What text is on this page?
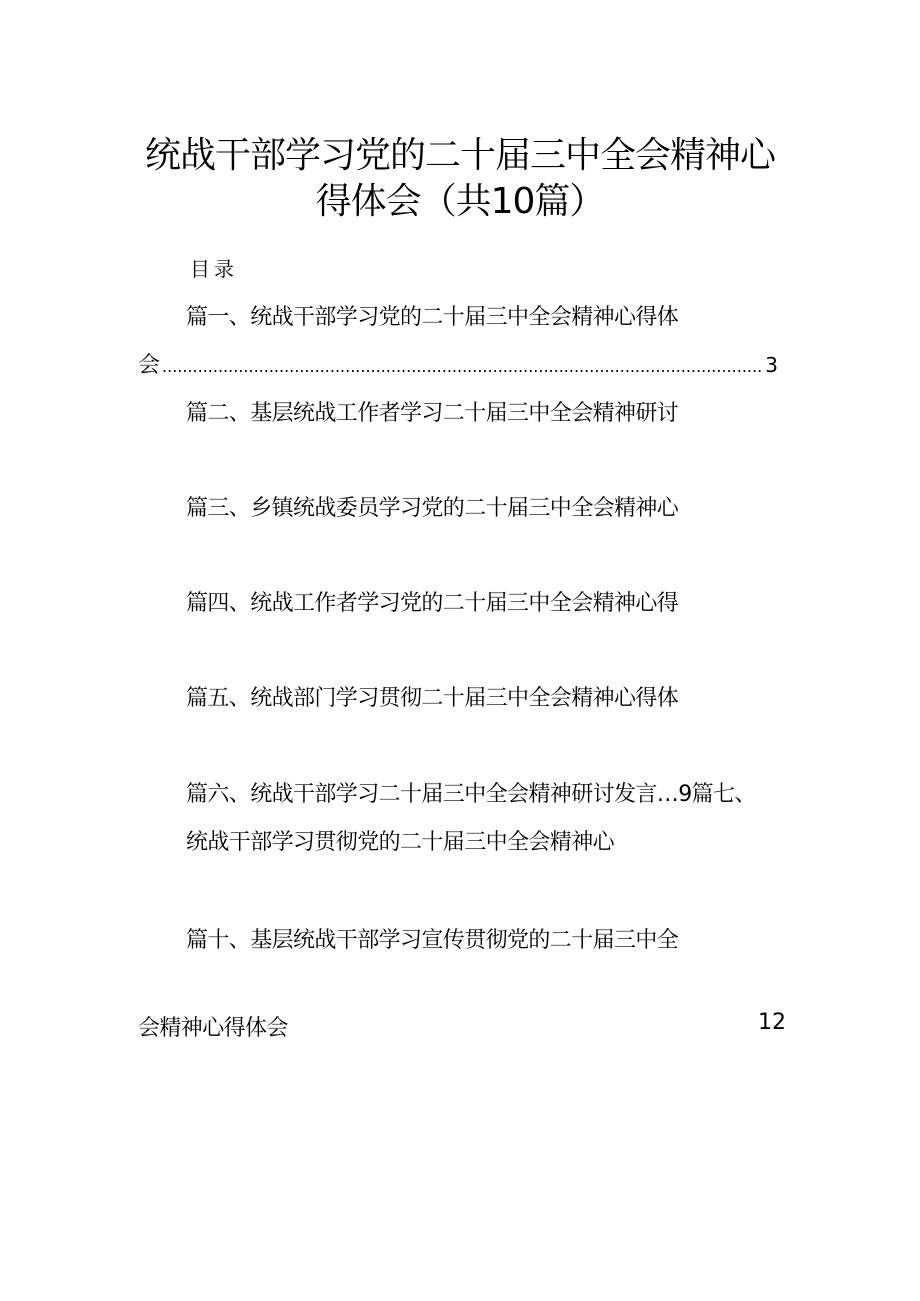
统战干部学习党的二十届三中全会精神心
得体会（共10篇）
目录
篇一、统战干部学习党的二十届三中全会精神心得体
会
.....	3
篇二、基层统战工作者学习二十届三中全会精神研讨
篇三、乡镇统战委员学习党的二十届三中全会精神心
篇四、统战工作者学习党的二十届三中全会精神心得
篇五、统战部门学习贯彻二十届三中全会精神心得体
篇六、统战干部学习二十届三中全会精神研讨发言…9篇七、
统战干部学习贯彻党的二十届三中全会精神心
篇十、基层统战干部学习宣传贯彻党的二十届三中全
会精神心得体会	12
